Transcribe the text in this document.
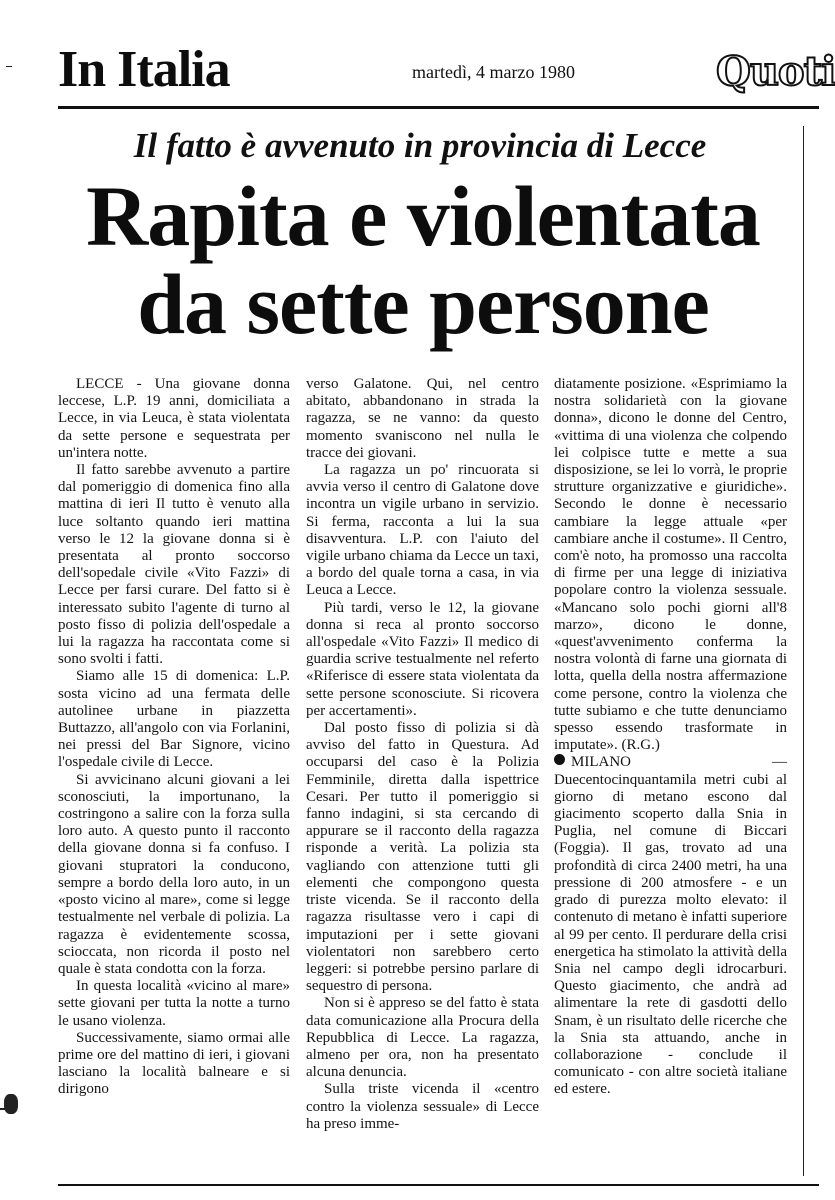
In Italia	martedì, 4 marzo 1980	Quoti
Il fatto è avvenuto in provincia di Lecce
Rapita e violentata
da sette persone

LECCE - Una giovane donna leccese, L.P. 19 anni, domiciliata a Lecce, in via Leuca, è stata violentata da sette persone e sequestrata per un'intera notte.

Il fatto sarebbe avvenuto a partire dal pomeriggio di domenica fino alla mattina di ieri Il tutto è venuto alla luce soltanto quando ieri mattina verso le 12 la giovane donna si è presentata al pronto soccorso dell'sopedale civile «Vito Fazzi» di Lecce per farsi curare. Del fatto si è interessato subito l'agente di turno al posto fisso di polizia dell'ospedale a lui la ragazza ha raccontata come si sono svolti i fatti.

Siamo alle 15 di domenica: L.P. sosta vicino ad una fermata delle autolinee urbane in piazzetta Buttazzo, all'angolo con via Forlanini, nei pressi del Bar Signore, vicino l'ospedale civile di Lecce.

Si avvicinano alcuni giovani a lei sconosciuti, la importunano, la costringono a salire con la forza sulla loro auto. A questo punto il racconto della giovane donna si fa confuso. I giovani stupratori la conducono, sempre a bordo della loro auto, in un «posto vicino al mare», come si legge testualmente nel verbale di polizia. La ragazza è evidentemente scossa, scioccata, non ricorda il posto nel quale è stata condotta con la forza.

In questa località «vicino al mare» sette giovani per tutta la notte a turno le usano violenza.

Successivamente, siamo ormai alle prime ore del mattino di ieri, i giovani lasciano la località balneare e si dirigono

verso Galatone. Qui, nel centro abitato, abbandonano in strada la ragazza, se ne vanno: da questo momento svaniscono nel nulla le tracce dei giovani.

La ragazza un po' rincuorata si avvia verso il centro di Galatone dove incontra un vigile urbano in servizio. Si ferma, racconta a lui la sua disavventura. L.P. con l'aiuto del vigile urbano chiama da Lecce un taxi, a bordo del quale torna a casa, in via Leuca a Lecce.

Più tardi, verso le 12, la giovane donna si reca al pronto soccorso all'ospedale «Vito Fazzi» Il medico di guardia scrive testualmente nel referto «Riferisce di essere stata violentata da sette persone sconosciute. Si ricovera per accertamenti».

Dal posto fisso di polizia si dà avviso del fatto in Questura. Ad occuparsi del caso è la Polizia Femminile, diretta dalla ispettrice Cesari. Per tutto il pomeriggio si fanno indagini, si sta cercando di appurare se il racconto della ragazza risponde a verità. La polizia sta vagliando con attenzione tutti gli elementi che compongono questa triste vicenda. Se il racconto della ragazza risultasse vero i capi di imputazioni per i sette giovani violentatori non sarebbero certo leggeri: si potrebbe persino parlare di sequestro di persona.

Non si è appreso se del fatto è stata data comunicazione alla Procura della Repubblica di Lecce. La ragazza, almeno per ora, non ha presentato alcuna denuncia.

Sulla triste vicenda il «centro contro la violenza sessuale» di Lecce ha preso imme-

diatamente posizione. «Esprimiamo la nostra solidarietà con la giovane donna», dicono le donne del Centro, «vittima di una violenza che colpendo lei colpisce tutte e mette a sua disposizione, se lei lo vorrà, le proprie strutture organizzative e giuridiche». Secondo le donne è necessario cambiare la legge attuale «per cambiare anche il costume». Il Centro, com'è noto, ha promosso una raccolta di firme per una legge di iniziativa popolare contro la violenza sessuale. «Mancano solo pochi giorni all'8 marzo», dicono le donne, «quest'avvenimento conferma la nostra volontà di farne una giornata di lotta, quella della nostra affermazione come persone, contro la violenza che tutte subiamo e che tutte denunciamo spesso essendo trasformate in imputate». (R.G.)

MILANO — Duecentocinquantamila metri cubi al giorno di metano escono dal giacimento scoperto dalla Snia in Puglia, nel comune di Biccari (Foggia). Il gas, trovato ad una profondità di circa 2400 metri, ha una pressione di 200 atmosfere - e un grado di purezza molto elevato: il contenuto di metano è infatti superiore al 99 per cento. Il perdurare della crisi energetica ha stimolato la attività della Snia nel campo degli idrocarburi. Questo giacimento, che andrà ad alimentare la rete di gasdotti dello Snam, è un risultato delle ricerche che la Snia sta attuando, anche in collaborazione - conclude il comunicato - con altre società italiane ed estere.
